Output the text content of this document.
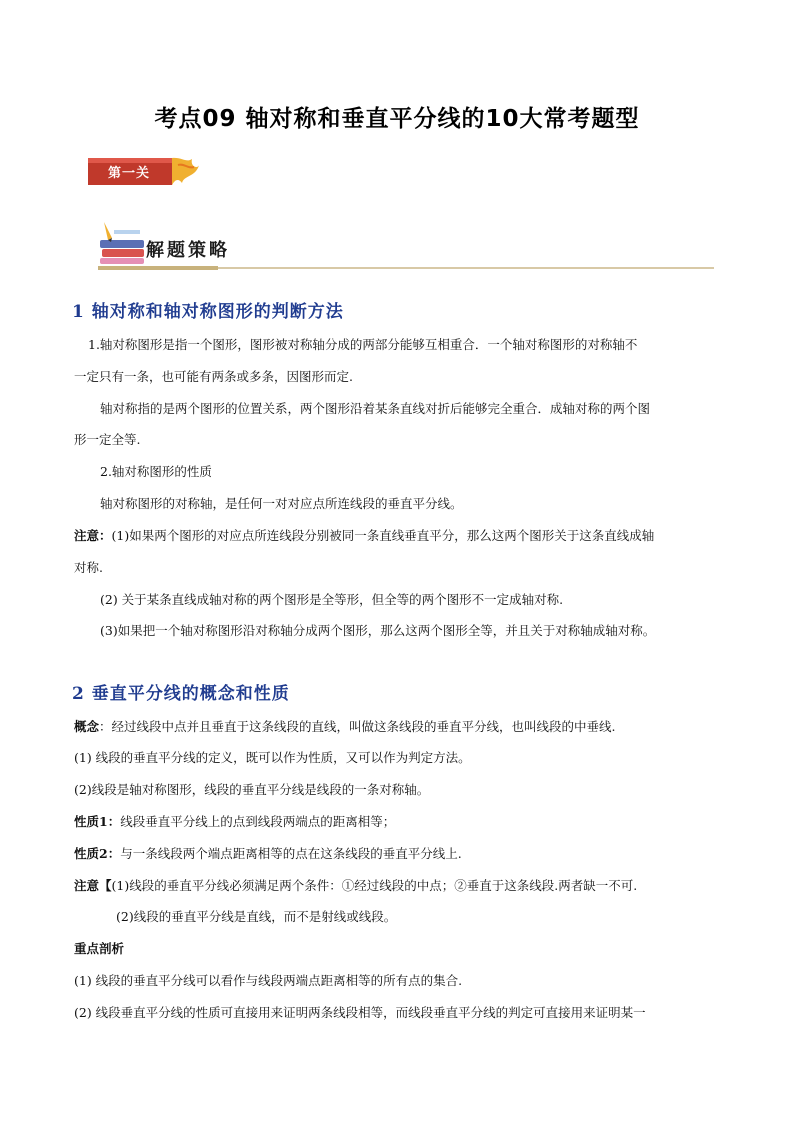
考点09 轴对称和垂直平分线的10大常考题型
第一关
解题策略
1 轴对称和轴对称图形的判断方法
1.轴对称图形是指一个图形，图形被对称轴分成的两部分能够互相重合．一个轴对称图形的对称轴不
一定只有一条，也可能有两条或多条，因图形而定.
轴对称指的是两个图形的位置关系，两个图形沿着某条直线对折后能够完全重合．成轴对称的两个图
形一定全等.
2.轴对称图形的性质
轴对称图形的对称轴，是任何一对对应点所连线段的垂直平分线。
注意：(1)如果两个图形的对应点所连线段分别被同一条直线垂直平分，那么这两个图形关于这条直线成轴
对称.
(2) 关于某条直线成轴对称的两个图形是全等形，但全等的两个图形不一定成轴对称.
(3)如果把一个轴对称图形沿对称轴分成两个图形，那么这两个图形全等，并且关于对称轴成轴对称。
2 垂直平分线的概念和性质
概念：经过线段中点并且垂直于这条线段的直线，叫做这条线段的垂直平分线，也叫线段的中垂线.
(1) 线段的垂直平分线的定义，既可以作为性质，又可以作为判定方法。
(2)线段是轴对称图形，线段的垂直平分线是线段的一条对称轴。
性质1：线段垂直平分线上的点到线段两端点的距离相等；
性质2：与一条线段两个端点距离相等的点在这条线段的垂直平分线上.
注意【(1)线段的垂直平分线必须满足两个条件：①经过线段的中点；②垂直于这条线段.两者缺一不可.
(2)线段的垂直平分线是直线，而不是射线或线段。
重点剖析
(1) 线段的垂直平分线可以看作与线段两端点距离相等的所有点的集合.
(2) 线段垂直平分线的性质可直接用来证明两条线段相等，而线段垂直平分线的判定可直接用来证明某一
